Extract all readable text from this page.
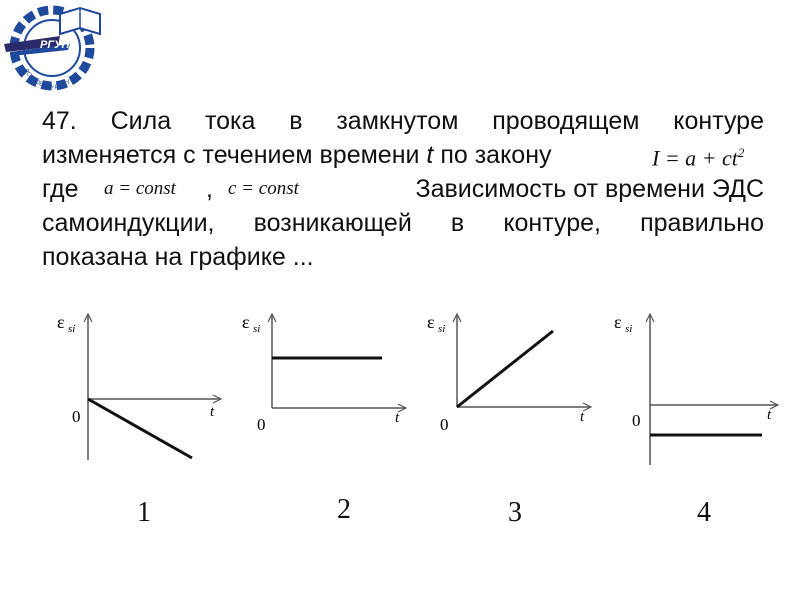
РГУПС
РОСТОВ-НА-ДОНУ
47. Сила тока в замкнутом проводящем контуре
изменяется с течением времени t по закону	$I = a + ct^2$
где a = const , c = const	Зависимость от времени ЭДС
самоиндукции, возникающей в контуре, правильно
показана на графике ...
ε si
t
0
ε si
t
0
ε si
t
0
ε si
t
0
1	2	3	4
